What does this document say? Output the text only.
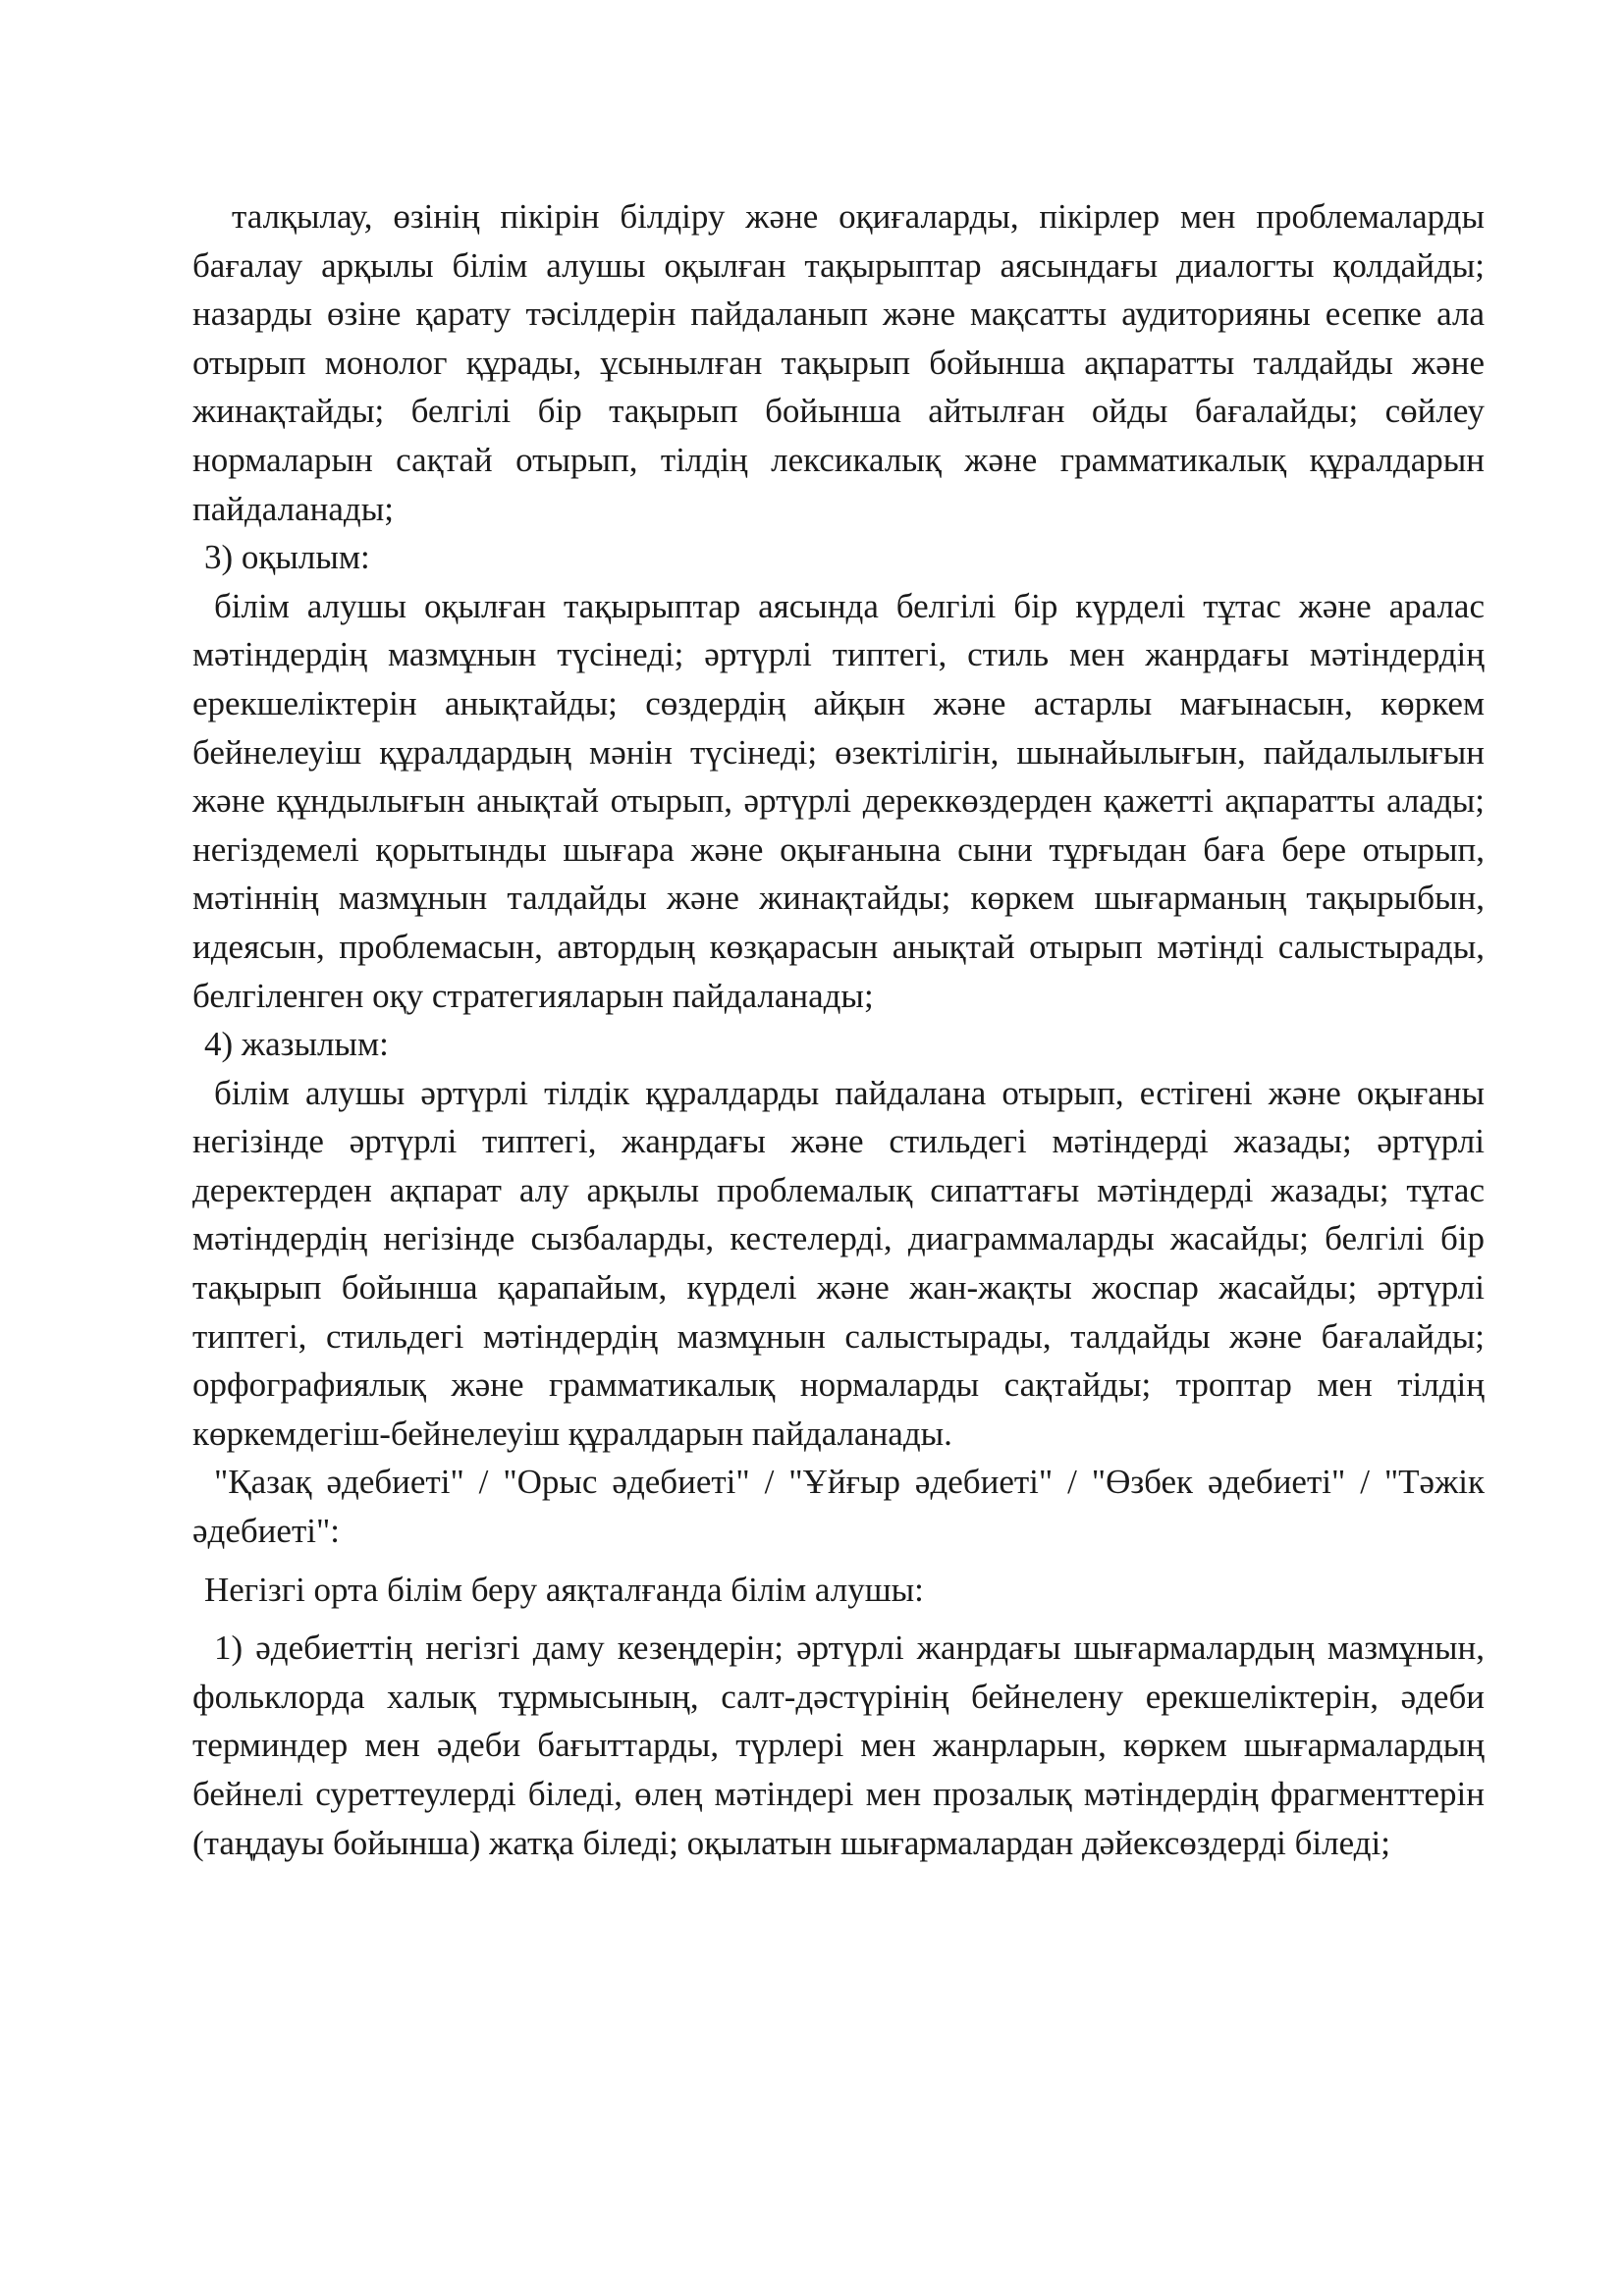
талқылау, өзінің пікірін білдіру және оқиғаларды, пікірлер мен проблемаларды бағалау арқылы білім алушы оқылған тақырыптар аясындағы диалогты қолдайды; назарды өзіне қарату тәсілдерін пайдаланып және мақсатты аудиторияны есепке ала отырып монолог құрады, ұсынылған тақырып бойынша ақпаратты талдайды және жинақтайды; белгілі бір тақырып бойынша айтылған ойды бағалайды; сөйлеу нормаларын сақтай отырып, тілдің лексикалық және грамматикалық құралдарын пайдаланады;

3) оқылым:

білім алушы оқылған тақырыптар аясында белгілі бір күрделі тұтас және аралас мәтіндердің мазмұнын түсінеді; әртүрлі типтегі, стиль мен жанрдағы мәтіндердің ерекшеліктерін анықтайды; сөздердің айқын және астарлы мағынасын, көркем бейнелеуіш құралдардың мәнін түсінеді; өзектілігін, шынайылығын, пайдалылығын және құндылығын анықтай отырып, әртүрлі дереккөздерден қажетті ақпаратты алады; негіздемелі қорытынды шығара және оқығанына сыни тұрғыдан баға бере отырып, мәтіннің мазмұнын талдайды және жинақтайды; көркем шығарманың тақырыбын, идеясын, проблемасын, автордың көзқарасын анықтай отырып мәтінді салыстырады, белгіленген оқу стратегияларын пайдаланады;

4) жазылым:

білім алушы әртүрлі тілдік құралдарды пайдалана отырып, естігені және оқығаны негізінде әртүрлі типтегі, жанрдағы және стильдегі мәтіндерді жазады; әртүрлі деректерден ақпарат алу арқылы проблемалық сипаттағы мәтіндерді жазады; тұтас мәтіндердің негізінде сызбаларды, кестелерді, диаграммаларды жасайды; белгілі бір тақырып бойынша қарапайым, күрделі және жан-жақты жоспар жасайды; әртүрлі типтегі, стильдегі мәтіндердің мазмұнын салыстырады, талдайды және бағалайды; орфографиялық және грамматикалық нормаларды сақтайды; троптар мен тілдің көркемдегіш-бейнелеуіш құралдарын пайдаланады.

"Қазақ әдебиеті" / "Орыс әдебиеті" / "Ұйғыр әдебиеті" / "Өзбек әдебиеті" / "Тәжік әдебиеті":

Негізгі орта білім беру аяқталғанда білім алушы:

1) әдебиеттің негізгі даму кезеңдерін; әртүрлі жанрдағы шығармалардың мазмұнын, фольклорда халық тұрмысының, салт-дәстүрінің бейнелену ерекшеліктерін, әдеби терминдер мен әдеби бағыттарды, түрлері мен жанрларын, көркем шығармалардың бейнелі суреттеулерді біледі, өлең мәтіндері мен прозалық мәтіндердің фрагменттерін (таңдауы бойынша) жатқа біледі; оқылатын шығармалардан дәйексөздерді біледі;
